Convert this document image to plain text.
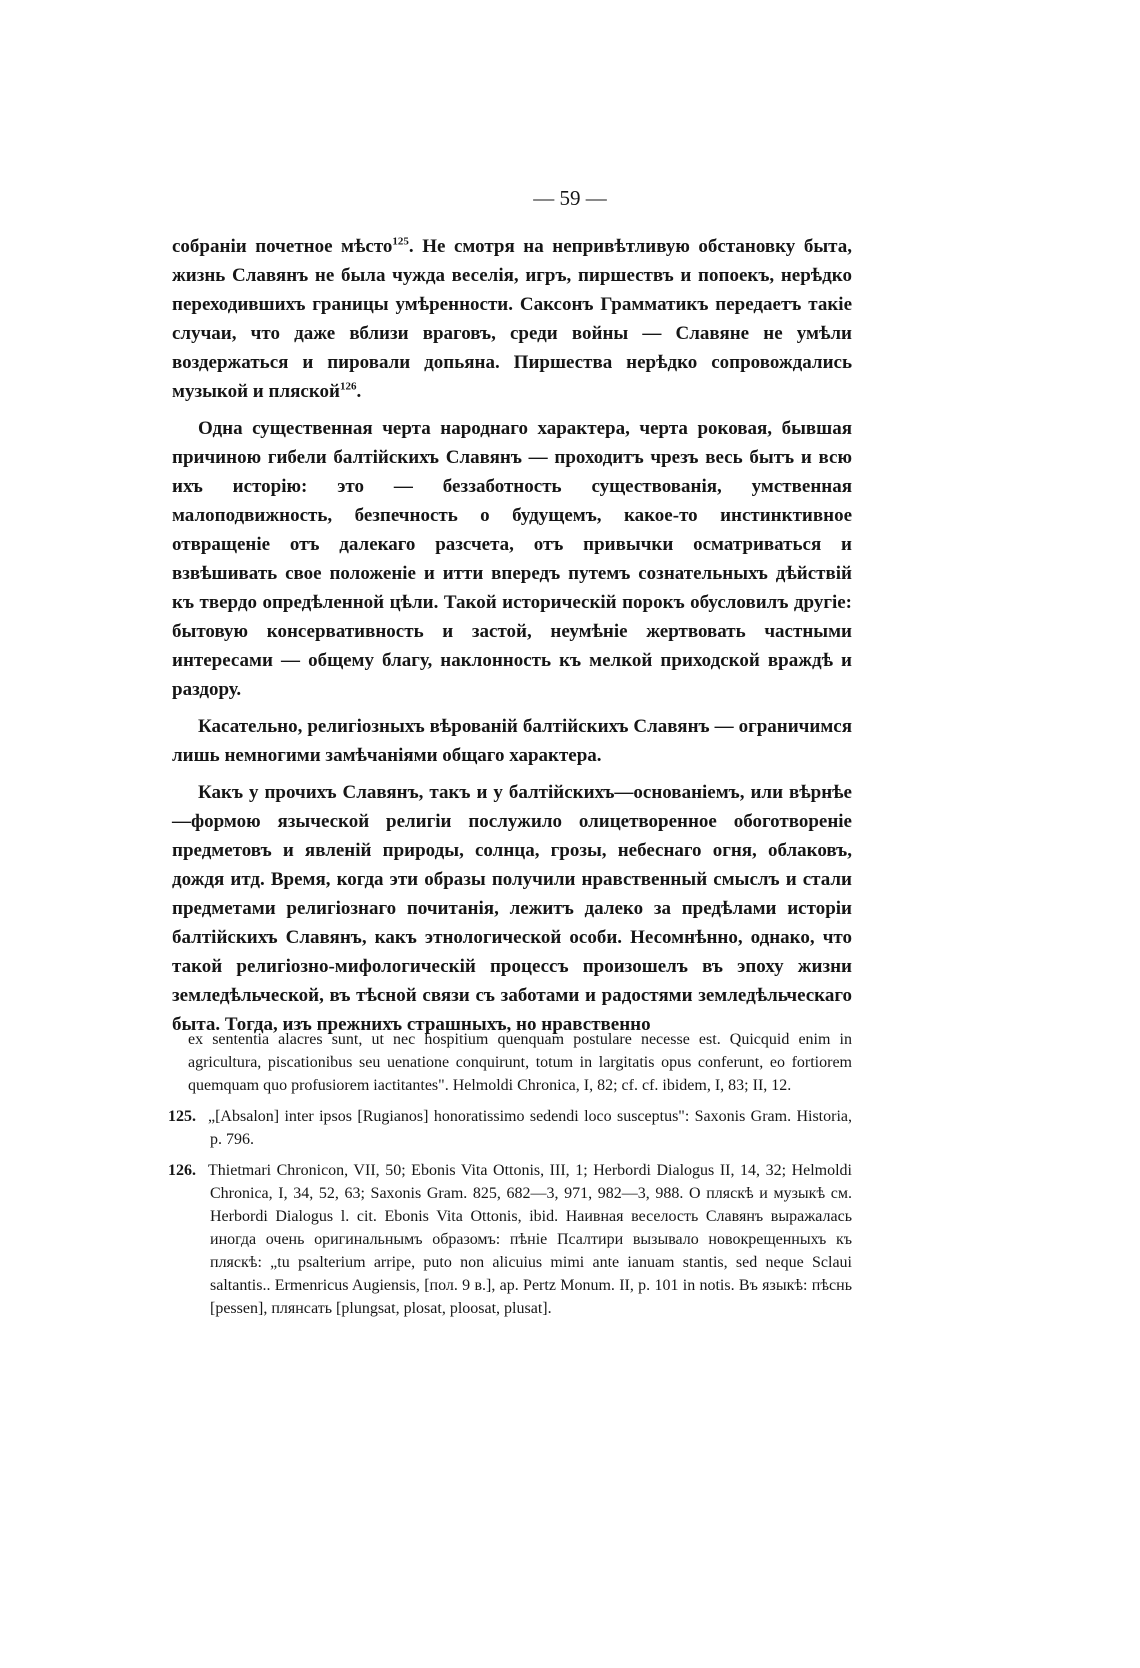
— 59 —

собраніи почетное мѣсто$^{125}$. Не смотря на непривѣтливую обстановку быта, жизнь Славянъ не была чужда веселія, игръ, пиршествъ и попоекъ, нерѣдко переходившихъ границы умѣренности. Саксонъ Грамматикъ передаетъ такіе случаи, что даже вблизи враговъ, среди войны — Славяне не умѣли воздержаться и пировали допьяна. Пиршества нерѣдко сопровождались музыкой и пляской$^{126}$.

Одна существенная черта народнаго характера, черта роковая, бывшая причиною гибели балтійскихъ Славянъ — проходитъ чрезъ весь бытъ и всю ихъ исторію: это — беззаботность существованія, умственная малоподвижность, безпечность о будущемъ, какое-то инстинктивное отвращеніе отъ далекаго разсчета, отъ привычки осматриваться и взвѣшивать свое положеніе и итти впередъ путемъ сознательныхъ дѣйствій къ твердо опредѣленной цѣли. Такой историческій порокъ обусловилъ другіе: бытовую консервативность и застой, неумѣніе жертвовать частными интересами — общему благу, наклонность къ мелкой приходской враждѣ и раздору.

Касательно, религіозныхъ вѣрованій балтійскихъ Славянъ — ограничимся лишь немногими замѣчаніями общаго характера.

Какъ у прочихъ Славянъ, такъ и у балтійскихъ—основаніемъ, или вѣрнѣе—формою языческой религіи послужило олицетворенное обоготвореніе предметовъ и явленій природы, солнца, грозы, небеснаго огня, облаковъ, дождя итд. Время, когда эти образы получили нравственный смыслъ и стали предметами религіознаго почитанія, лежитъ далеко за предѣлами исторіи балтійскихъ Славянъ, какъ этнологической особи. Несомнѣнно, однако, что такой религіозно-мифологическій процессъ произошелъ въ эпоху жизни земледѣльческой, въ тѣсной связи съ заботами и радостями земледѣльческаго быта. Тогда, изъ прежнихъ страшныхъ, но нравственно

ex sententia alacres sunt, ut nec hospitium quenquam postulare necesse est. Quicquid enim in agricultura, piscationibus seu uenatione conquirunt, totum in largitatis opus conferunt, eo fortiorem quemquam quo profusiorem iactitantes". Helmoldi Chronica, I, 82; cf. cf. ibidem, I, 83; II, 12.

125. „[Absalon] inter ipsos [Rugianos] honoratissimo sedendi loco susceptus": Saxonis Gram. Historia, p. 796.

126. Thietmari Chronicon, VII, 50; Ebonis Vita Ottonis, III, 1; Herbordi Dialogus II, 14, 32; Helmoldi Chronica, I, 34, 52, 63; Saxonis Gram. 825, 682—3, 971, 982—3, 988. О пляскѣ и музыкѣ см. Herbordi Dialogus l. cit. Ebonis Vita Ottonis, ibid. Наивная веселость Славянъ выражалась иногда очень оригинальнымъ образомъ: пѣніе Псалтири вызывало новокрещенныхъ къ пляскѣ: „tu psalterium arripe, puto non alicuius mimi ante ianuam stantis, sed neque Sclaui saltantis.. Ermenricus Augiensis, [пол. 9 в.], ap. Pertz Monum. II, p. 101 in notis. Въ языкѣ: пѣснь [pessen], плянсать [plungsat, plosat, ploosat, plusat].
